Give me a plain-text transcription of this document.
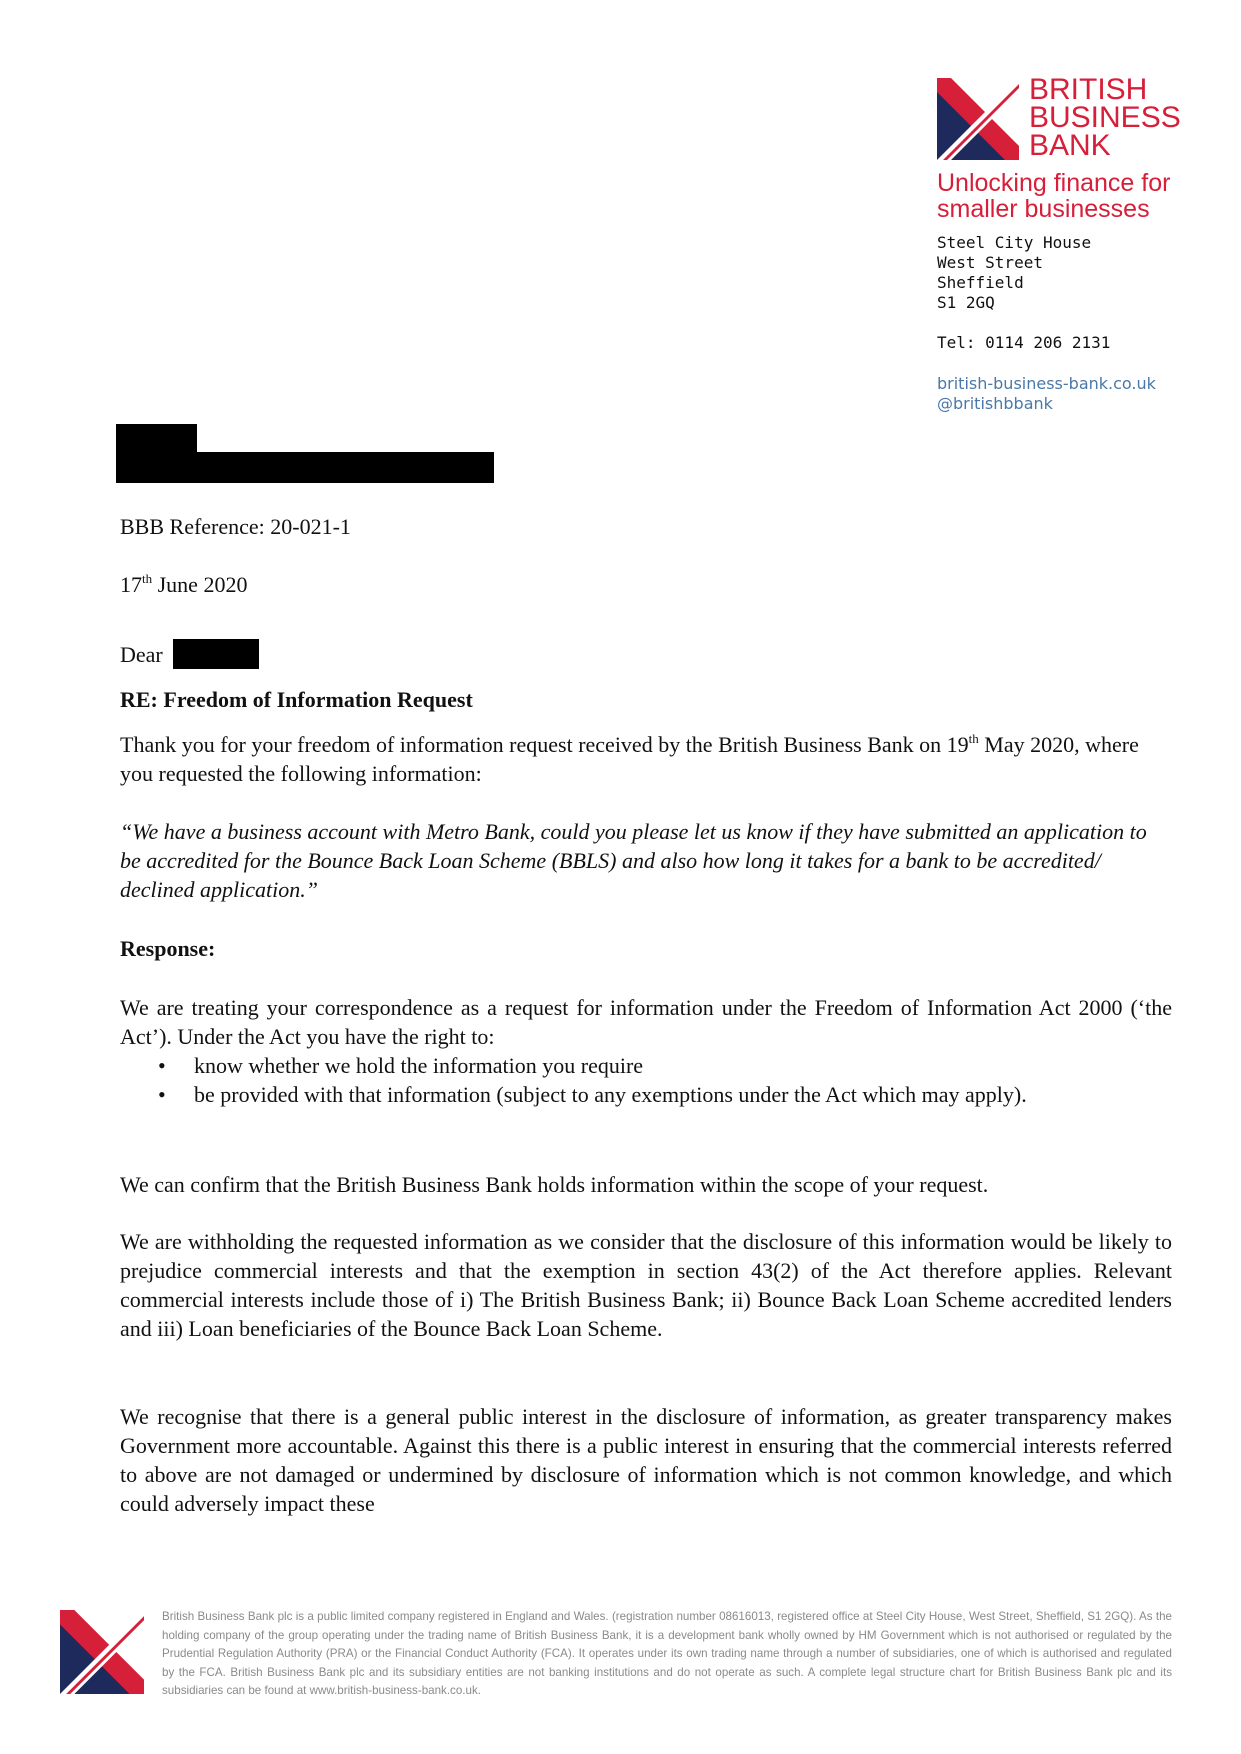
BRITISH
BUSINESS
BANK
Unlocking finance for
smaller businesses
Steel City House
West Street
Sheffield
S1 2GQ
Tel: 0114 206 2131
british-business-bank.co.uk
@britishbbank
BBB Reference: 20-021-1
17th June 2020
Dear
RE: Freedom of Information Request
Thank you for your freedom of information request received by the British Business Bank on 19th May 2020, where you requested the following information:
“We have a business account with Metro Bank, could you please let us know if they have submitted an application to be accredited for the Bounce Back Loan Scheme (BBLS) and also how long it takes for a bank to be accredited/ declined application.”
Response:
We are treating your correspondence as a request for information under the Freedom of Information Act 2000 (‘the Act’). Under the Act you have the right to:
• know whether we hold the information you require
• be provided with that information (subject to any exemptions under the Act which may apply).
We can confirm that the British Business Bank holds information within the scope of your request.
We are withholding the requested information as we consider that the disclosure of this information would be likely to prejudice commercial interests and that the exemption in section 43(2) of the Act therefore applies. Relevant commercial interests include those of i) The British Business Bank; ii) Bounce Back Loan Scheme accredited lenders and iii) Loan beneficiaries of the Bounce Back Loan Scheme.
We recognise that there is a general public interest in the disclosure of information, as greater transparency makes Government more accountable. Against this there is a public interest in ensuring that the commercial interests referred to above are not damaged or undermined by disclosure of information which is not common knowledge, and which could adversely impact these
British Business Bank plc is a public limited company registered in England and Wales. (registration number 08616013, registered office at Steel City House, West Street, Sheffield, S1 2GQ). As the holding company of the group operating under the trading name of British Business Bank, it is a development bank wholly owned by HM Government which is not authorised or regulated by the Prudential Regulation Authority (PRA) or the Financial Conduct Authority (FCA). It operates under its own trading name through a number of subsidiaries, one of which is authorised and regulated by the FCA. British Business Bank plc and its subsidiary entities are not banking institutions and do not operate as such. A complete legal structure chart for British Business Bank plc and its subsidiaries can be found at www.british-business-bank.co.uk.
